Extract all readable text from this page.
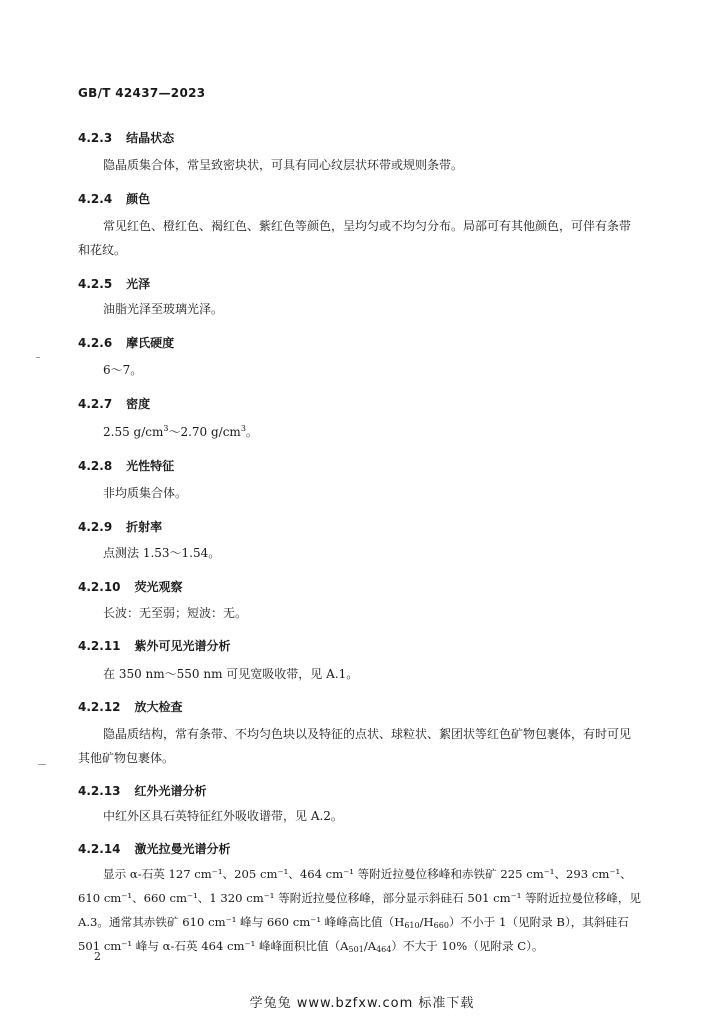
GB/T 42437—2023
4.2.3 结晶状态
隐晶质集合体，常呈致密块状，可具有同心纹层状环带或规则条带。
4.2.4 颜色
常见红色、橙红色、褐红色、紫红色等颜色，呈均匀或不均匀分布。局部可有其他颜色，可伴有条带
和花纹。
4.2.5 光泽
油脂光泽至玻璃光泽。
4.2.6 摩氏硬度
6～7。
4.2.7 密度
2.55 $g/cm^3\sim 2.70$ $g/cm^3$。
4.2.8 光性特征
非均质集合体。
4.2.9 折射率
点测法 1.53～1.54。
4.2.10 荧光观察
长波：无至弱；短波：无。
4.2.11 紫外可见光谱分析
在 350 nm～550 nm 可见宽吸收带，见 A.1。
4.2.12 放大检查
隐晶质结构，常有条带、不均匀色块以及特征的点状、球粒状、絮团状等红色矿物包裹体，有时可见
其他矿物包裹体。
4.2.13 红外光谱分析
中红外区具石英特征红外吸收谱带，见 A.2。
4.2.14 激光拉曼光谱分析
显示 α-石英 127 cm⁻¹、205 cm⁻¹、464 cm⁻¹ 等附近拉曼位移峰和赤铁矿 225 cm⁻¹、293 cm⁻¹、
610 cm⁻¹、660 cm⁻¹、1 320 cm⁻¹ 等附近拉曼位移峰，部分显示斜硅石 501 cm⁻¹ 等附近拉曼位移峰，见
A.3。通常其赤铁矿 610 cm⁻¹ 峰与 660 cm⁻¹ 峰峰高比值$(H_{610}/H_{660})$不小于 1（见附录 B），其斜硅石
501 cm⁻¹ 峰与 α-石英 464 cm⁻¹ 峰峰面积比值$(A_{501}/A_{464})$不大于 10%（见附录 C）。
2
学兔兔 www.bzfxw.com 标准下载
